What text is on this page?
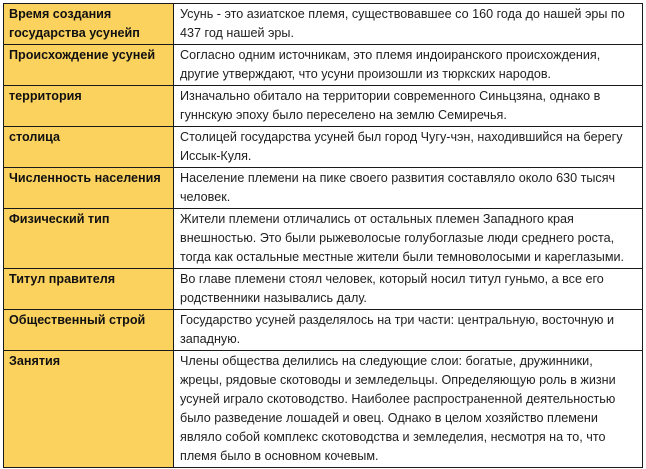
Время создания государства усунейп	Усунь - это азиатское племя, существовавшее со 160 года до нашей эры по 437 год нашей эры.
Происхождение усуней	Согласно одним источникам, это племя индоиранского происхождения, другие утверждают, что усуни произошли из тюркских народов.
территория	Изначально обитало на территории современного Синьцзяна, однако в гуннскую эпоху было переселено на землю Семиречья.
столица	Столицей государства усуней был город Чугу-чэн, находившийся на берегу Иссык-Куля.
Численность населения	Население племени на пике своего развития составляло около 630 тысяч человек.
Физический тип	Жители племени отличались от остальных племен Западного края внешностью. Это были рыжеволосые голубоглазые люди среднего роста, тогда как остальные местные жители были темноволосыми и кареглазыми.
Титул правителя	Во главе племени стоял человек, который носил титул гуньмо, а все его родственники назывались далу.
Общественный строй	Государство усуней разделялось на три части: центральную, восточную и западную.
Занятия	Члены общества делились на следующие слои: богатые, дружинники, жрецы, рядовые скотоводы и земледельцы. Определяющую роль в жизни усуней играло скотоводство. Наиболее распространенной деятельностью было разведение лошадей и овец. Однако в целом хозяйство племени являло собой комплекс скотоводства и земледелия, несмотря на то, что племя было в основном кочевым.
